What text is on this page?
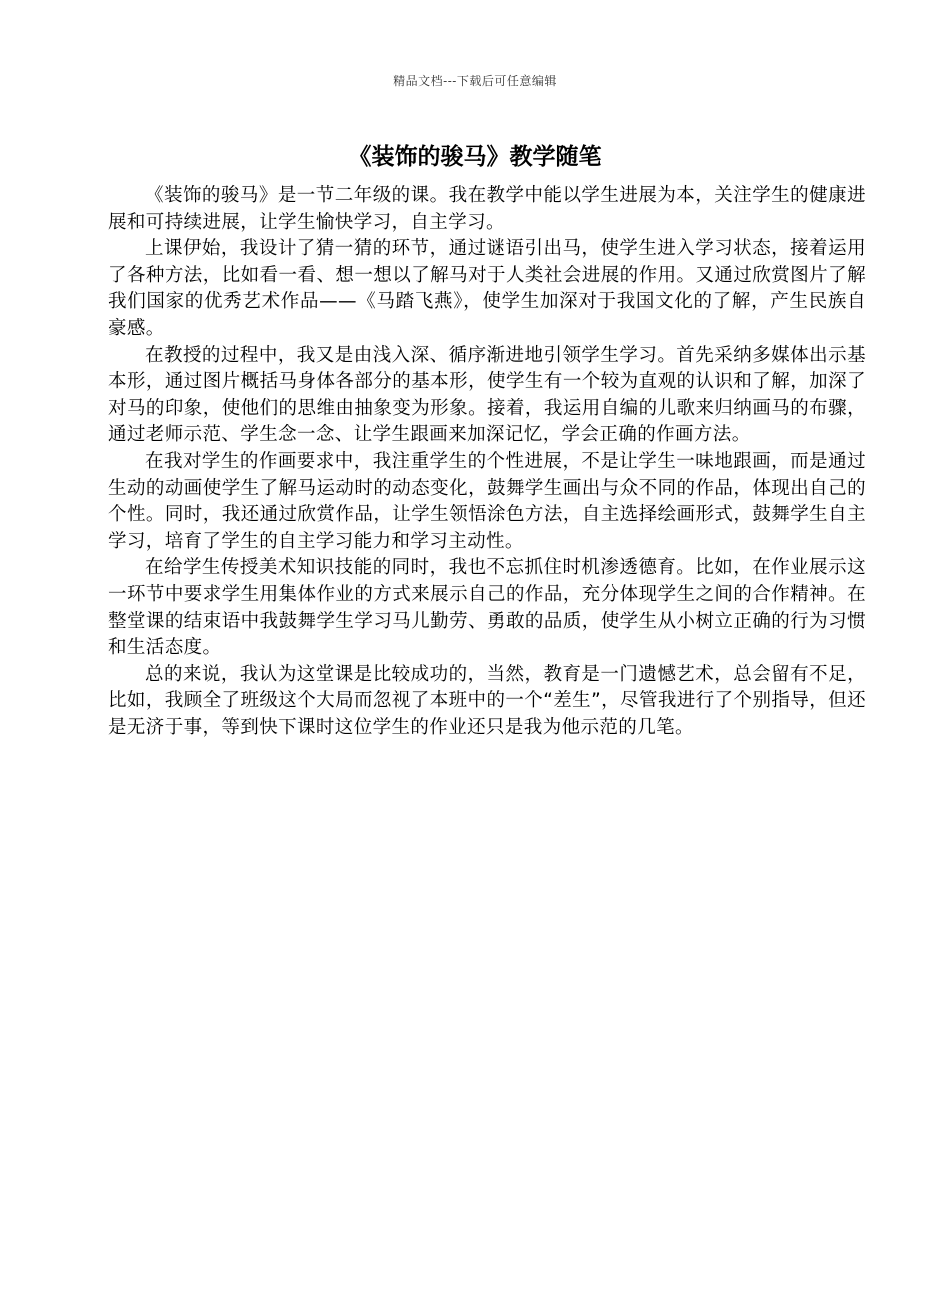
精品文档---下载后可任意编辑
《装饰的骏马》教学随笔

《装饰的骏马》是一节二年级的课。我在教学中能以学生进展为本，关注学生的健康进展和可持续进展，让学生愉快学习，自主学习。

上课伊始，我设计了猜一猜的环节，通过谜语引出马，使学生进入学习状态，接着运用了各种方法，比如看一看、想一想以了解马对于人类社会进展的作用。又通过欣赏图片了解我们国家的优秀艺术作品——《马踏飞燕》，使学生加深对于我国文化的了解，产生民族自豪感。

在教授的过程中，我又是由浅入深、循序渐进地引领学生学习。首先采纳多媒体出示基本形，通过图片概括马身体各部分的基本形，使学生有一个较为直观的认识和了解，加深了对马的印象，使他们的思维由抽象变为形象。接着，我运用自编的儿歌来归纳画马的布骤，通过老师示范、学生念一念、让学生跟画来加深记忆，学会正确的作画方法。

在我对学生的作画要求中，我注重学生的个性进展，不是让学生一味地跟画，而是通过生动的动画使学生了解马运动时的动态变化，鼓舞学生画出与众不同的作品，体现出自己的个性。同时，我还通过欣赏作品，让学生领悟涂色方法，自主选择绘画形式，鼓舞学生自主学习，培育了学生的自主学习能力和学习主动性。

在给学生传授美术知识技能的同时，我也不忘抓住时机渗透德育。比如，在作业展示这一环节中要求学生用集体作业的方式来展示自己的作品，充分体现学生之间的合作精神。在整堂课的结束语中我鼓舞学生学习马儿勤劳、勇敢的品质，使学生从小树立正确的行为习惯和生活态度。

总的来说，我认为这堂课是比较成功的，当然，教育是一门遗憾艺术，总会留有不足，比如，我顾全了班级这个大局而忽视了本班中的一个“差生”，尽管我进行了个别指导，但还是无济于事，等到快下课时这位学生的作业还只是我为他示范的几笔。
